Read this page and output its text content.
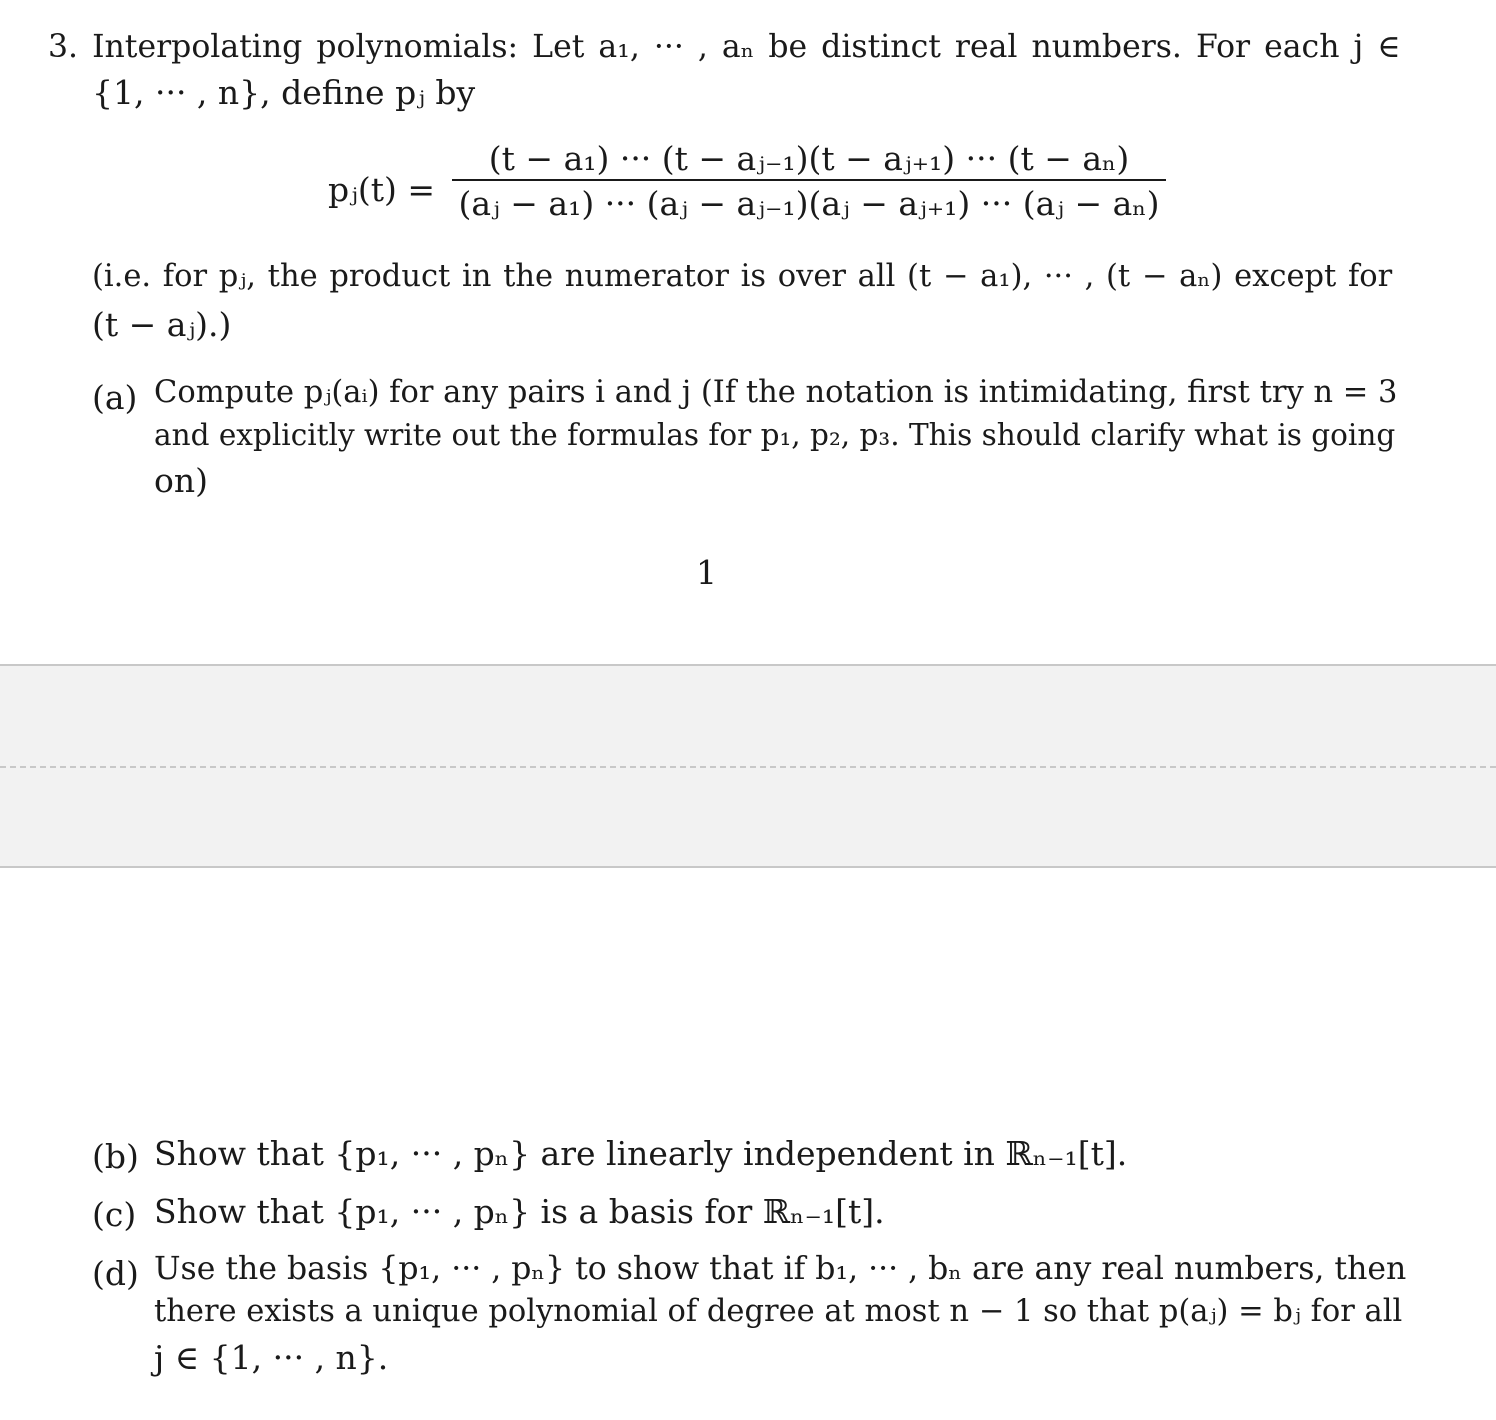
3. Interpolating polynomials: Let a₁, ··· , aₙ be distinct real numbers. For each j ∈
{1, ··· , n}, define pⱼ by
pⱼ(t) =
(t − a₁) ··· (t − aⱼ₋₁)(t − aⱼ₊₁) ··· (t − aₙ)
(aⱼ − a₁) ··· (aⱼ − aⱼ₋₁)(aⱼ − aⱼ₊₁) ··· (aⱼ − aₙ)
(i.e. for pⱼ, the product in the numerator is over all (t − a₁), ··· , (t − aₙ) except for
(t − aⱼ).)
(a) Compute pⱼ(aᵢ) for any pairs i and j (If the notation is intimidating, first try n = 3
and explicitly write out the formulas for p₁, p₂, p₃. This should clarify what is going
on)
1
(b) Show that {p₁, ··· , pₙ} are linearly independent in ℝₙ₋₁[t].
(c) Show that {p₁, ··· , pₙ} is a basis for ℝₙ₋₁[t].
(d) Use the basis {p₁, ··· , pₙ} to show that if b₁, ··· , bₙ are any real numbers, then
there exists a unique polynomial of degree at most n − 1 so that p(aⱼ) = bⱼ for all
j ∈ {1, ··· , n}.
